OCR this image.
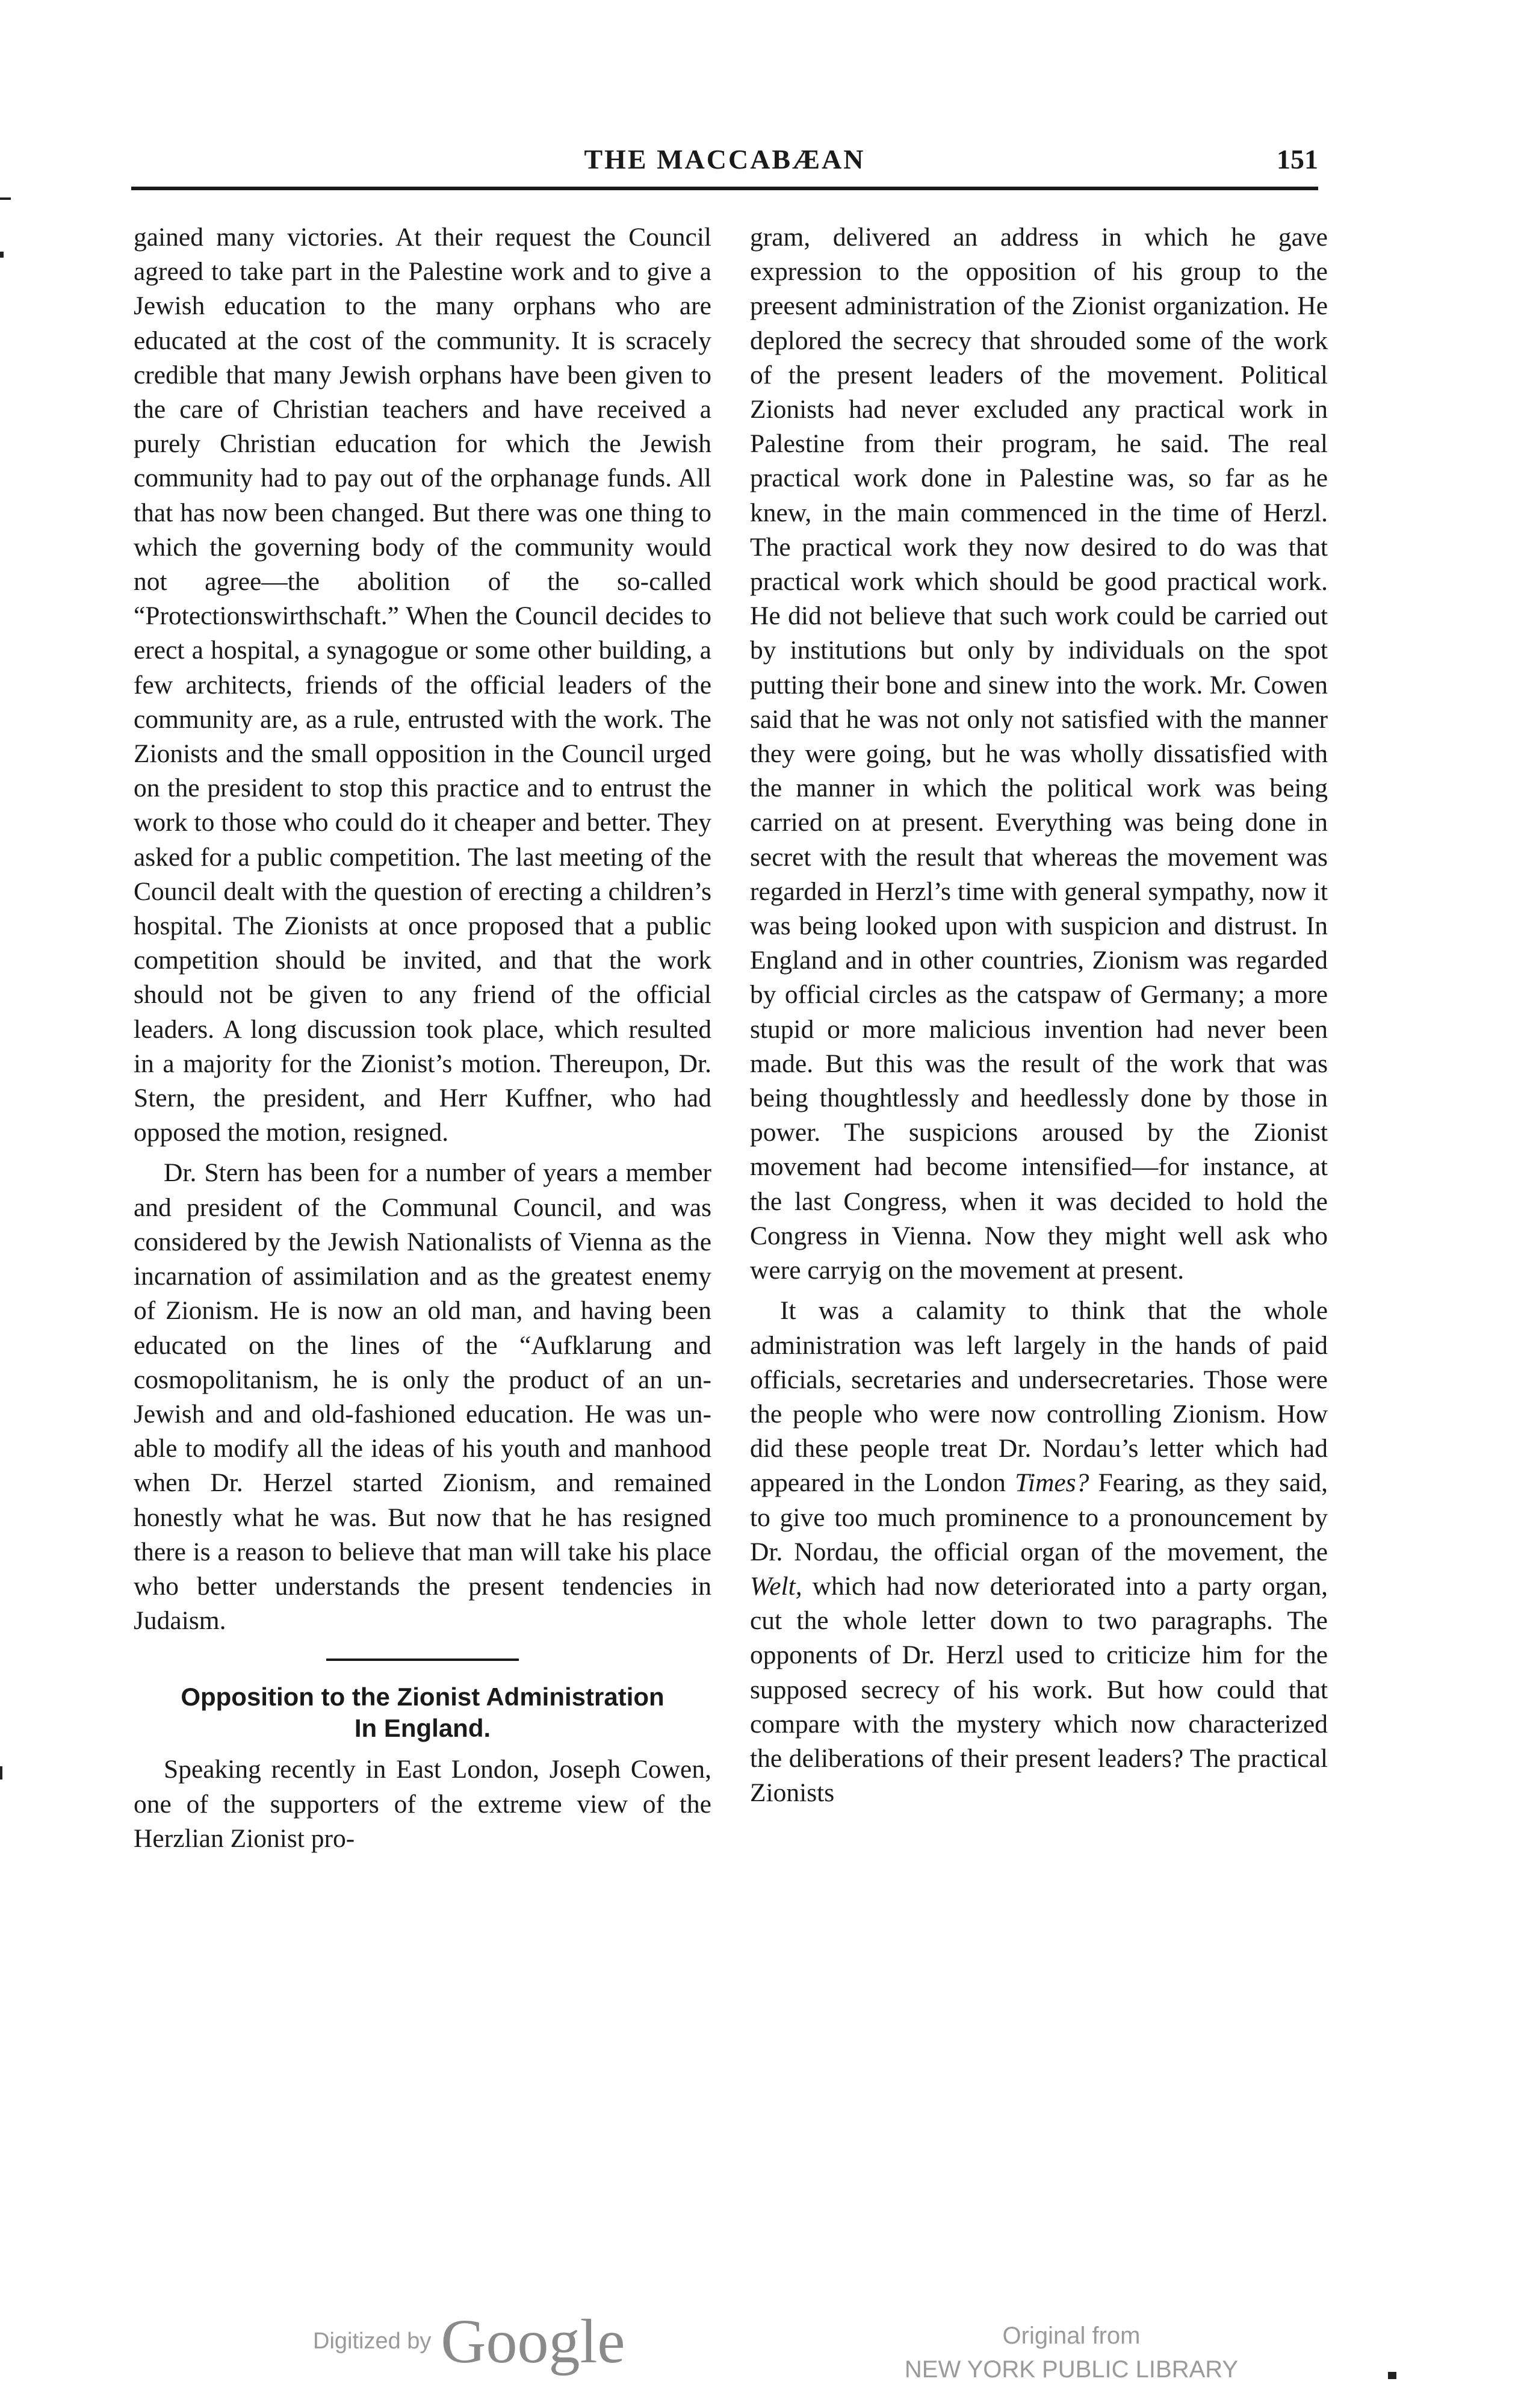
THE MACCABÆAN	151

gained many victories. At their request the Council agreed to take part in the Palestine work and to give a Jewish education to the many orphans who are educated at the cost of the community. It is scracely credible that many Jewish orphans have been given to the care of Christian teachers and have received a purely Christian education for which the Jewish community had to pay out of the orphanage funds. All that has now been changed. But there was one thing to which the governing body of the community would not agree—the abolition of the so-called “Protectionswirthschaft.” When the Council decides to erect a hospital, a synagogue or some other building, a few architects, friends of the official leaders of the community are, as a rule, entrusted with the work. The Zionists and the small opposition in the Council urged on the president to stop this practice and to entrust the work to those who could do it cheaper and better. They asked for a public competition. The last meeting of the Council dealt with the question of erecting a children’s hospital. The Zionists at once proposed that a public competition should be invited, and that the work should not be given to any friend of the official leaders. A long discussion took place, which resulted in a majority for the Zionist’s motion. Thereupon, Dr. Stern, the president, and Herr Kuffner, who had opposed the motion, resigned.

Dr. Stern has been for a number of years a member and president of the Communal Council, and was considered by the Jewish Nationalists of Vienna as the incarnation of assimilation and as the greatest enemy of Zionism. He is now an old man, and having been educated on the lines of the “Aufklarung and cosmopolitanism, he is only the product of an un-Jewish and and old-fashioned education. He was unable to modify all the ideas of his youth and manhood when Dr. Herzel started Zionism, and remained honestly what he was. But now that he has resigned there is a reason to believe that man will take his place who better understands the present tendencies in Judaism.

Opposition to the Zionist Administration
In England.

Speaking recently in East London, Joseph Cowen, one of the supporters of the extreme view of the Herzlian Zionist pro-

gram, delivered an address in which he gave expression to the opposition of his group to the preesent administration of the Zionist organization. He deplored the secrecy that shrouded some of the work of the present leaders of the movement. Political Zionists had never excluded any practical work in Palestine from their program, he said. The real practical work done in Palestine was, so far as he knew, in the main commenced in the time of Herzl. The practical work they now desired to do was that practical work which should be good practical work. He did not believe that such work could be carried out by institutions but only by individuals on the spot putting their bone and sinew into the work. Mr. Cowen said that he was not only not satisfied with the manner they were going, but he was wholly dissatisfied with the manner in which the political work was being carried on at present. Everything was being done in secret with the result that whereas the movement was regarded in Herzl’s time with general sympathy, now it was being looked upon with suspicion and distrust. In England and in other countries, Zionism was regarded by official circles as the catspaw of Germany; a more stupid or more malicious invention had never been made. But this was the result of the work that was being thoughtlessly and heedlessly done by those in power. The suspicions aroused by the Zionist movement had become intensified—for instance, at the last Congress, when it was decided to hold the Congress in Vienna. Now they might well ask who were carryig on the movement at present.

It was a calamity to think that the whole administration was left largely in the hands of paid officials, secretaries and undersecretaries. Those were the people who were now controlling Zionism. How did these people treat Dr. Nordau’s letter which had appeared in the London Times? Fearing, as they said, to give too much prominence to a pronouncement by Dr. Nordau, the official organ of the movement, the Welt, which had now deteriorated into a party organ, cut the whole letter down to two paragraphs. The opponents of Dr. Herzl used to criticize him for the supposed secrecy of his work. But how could that compare with the mystery which now characterized the deliberations of their present leaders? The practical Zionists

Digitized by Google	Original from
NEW YORK PUBLIC LIBRARY
